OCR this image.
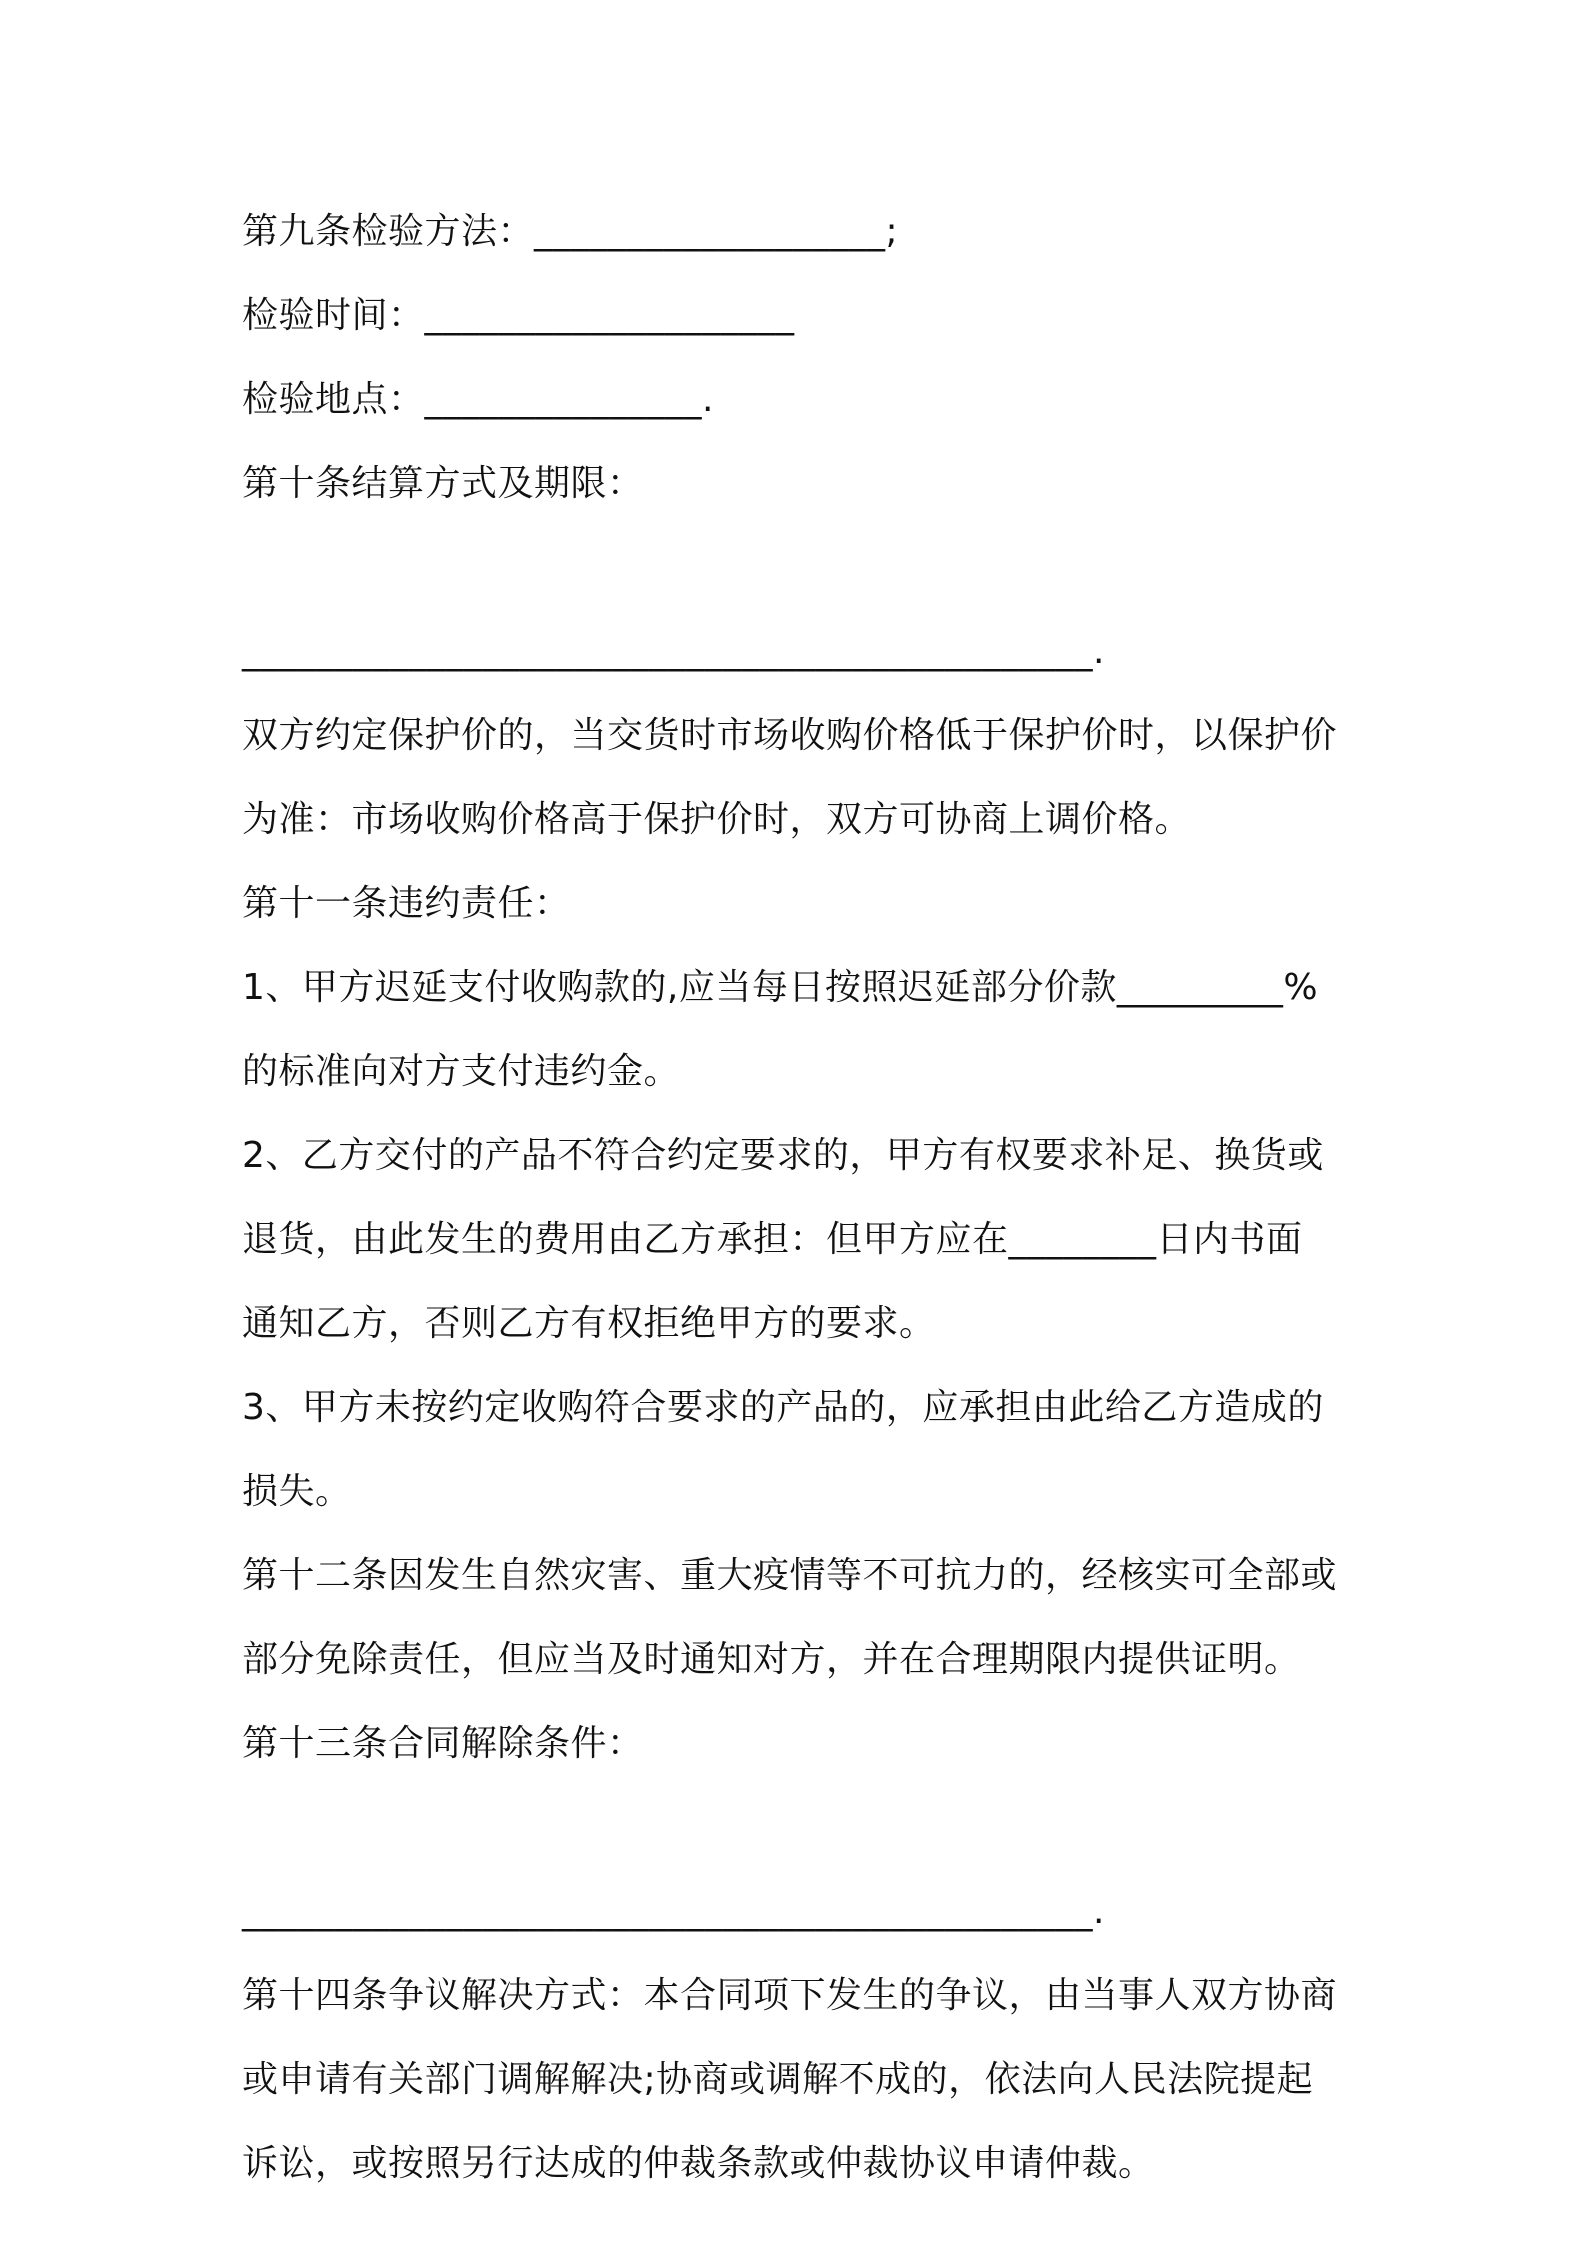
第九条检验方法：___________________;
检验时间：____________________
检验地点：_______________.
第十条结算方式及期限：
______________________________________________.
双方约定保护价的，当交货时市场收购价格低于保护价时，以保护价
为准：市场收购价格高于保护价时，双方可协商上调价格。
第十一条违约责任：
1、甲方迟延支付收购款的,应当每日按照迟延部分价款_________%
的标准向对方支付违约金。
2、乙方交付的产品不符合约定要求的，甲方有权要求补足、换货或
退货，由此发生的费用由乙方承担：但甲方应在________日内书面
通知乙方，否则乙方有权拒绝甲方的要求。
3、甲方未按约定收购符合要求的产品的，应承担由此给乙方造成的
损失。
第十二条因发生自然灾害、重大疫情等不可抗力的，经核实可全部或
部分免除责任，但应当及时通知对方，并在合理期限内提供证明。
第十三条合同解除条件：
______________________________________________.
第十四条争议解决方式：本合同项下发生的争议，由当事人双方协商
或申请有关部门调解解决;协商或调解不成的，依法向人民法院提起
诉讼，或按照另行达成的仲裁条款或仲裁协议申请仲裁。
